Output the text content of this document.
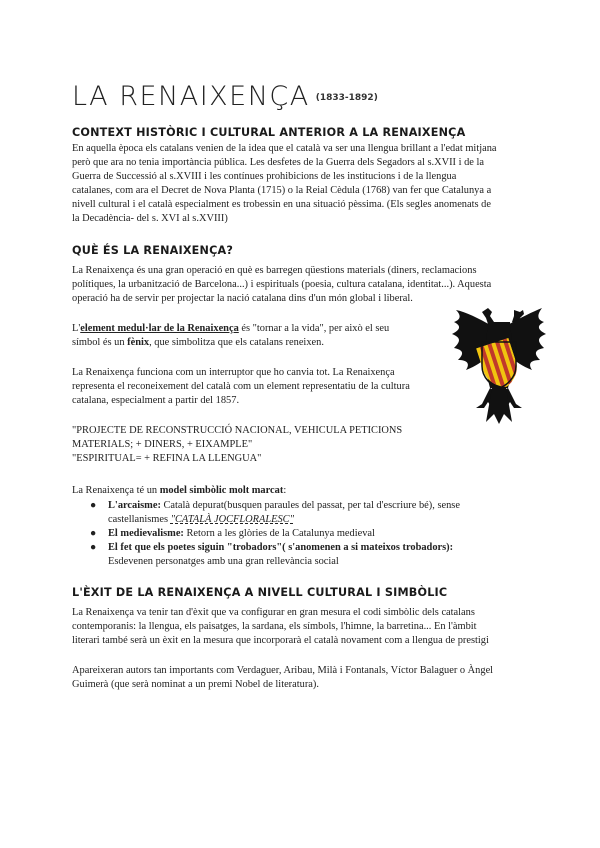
LA RENAIXENÇA (1833-1892)
CONTEXT HISTÒRIC I CULTURAL ANTERIOR A LA RENAIXENÇA

En aquella època els catalans venien de la idea que el català va ser una llengua brillant a l'edat mitjana

però que ara no tenia importància pública. Les desfetes de la Guerra dels Segadors al s.XVII i de la

Guerra de Successió al s.XVIII i les contínues prohibicions de les institucions i de la llengua

catalanes, com ara el Decret de Nova Planta (1715) o la Reial Cèdula (1768) van fer que Catalunya a

nivell cultural i el català especialment es trobessin en una situació pèssima. (Els segles anomenats de

la Decadència- del s. XVI al s.XVIII)

QUÈ ÉS LA RENAIXENÇA?

La Renaixença és una gran operació en què es barregen qüestions materials (diners, reclamacions

polítiques, la urbanització de Barcelona...) i espirituals (poesia, cultura catalana, identitat...). Aquesta

operació ha de servir per projectar la nació catalana dins d'un món global i liberal.

L'element medul·lar de la Renaixença és "tornar a la vida", per això el seu

símbol és un fènix, que simbolitza que els catalans reneixen.

La Renaixença funciona com un interruptor que ho canvia tot. La Renaixença

representa el reconeixement del català com un element representatiu de la cultura

catalana, especialment a partir del 1857.

"PROJECTE DE RECONSTRUCCIÓ NACIONAL, VEHICULA PETICIONS

MATERIALS; + DINERS, + EIXAMPLE"

"ESPIRITUAL= + REFINA LA LLENGUA"

La Renaixença té un model simbòlic molt marcat:

● L'arcaisme: Català depurat(busquen paraules del passat, per tal d'escriure bé), sense
castellanismes "CATALÀ JOCFLORALESC"
● El medievalisme: Retorn a les glòries de la Catalunya medieval
● El fet que els poetes siguin "trobadors"( s'anomenen a si mateixos trobadors):
Esdevenen personatges amb una gran rellevància social
L'ÈXIT DE LA RENAIXENÇA A NIVELL CULTURAL I SIMBÒLIC

La Renaixença va tenir tan d'èxit que va configurar en gran mesura el codi simbòlic dels catalans

contemporanis: la llengua, els paisatges, la sardana, els símbols, l'himne, la barretina... En l'àmbit

literari també serà un èxit en la mesura que incorporarà el català novament com a llengua de prestigi

Apareixeran autors tan importants com Verdaguer, Aribau, Milà i Fontanals, Víctor Balaguer o Àngel

Guimerà (que serà nominat a un premi Nobel de literatura).
